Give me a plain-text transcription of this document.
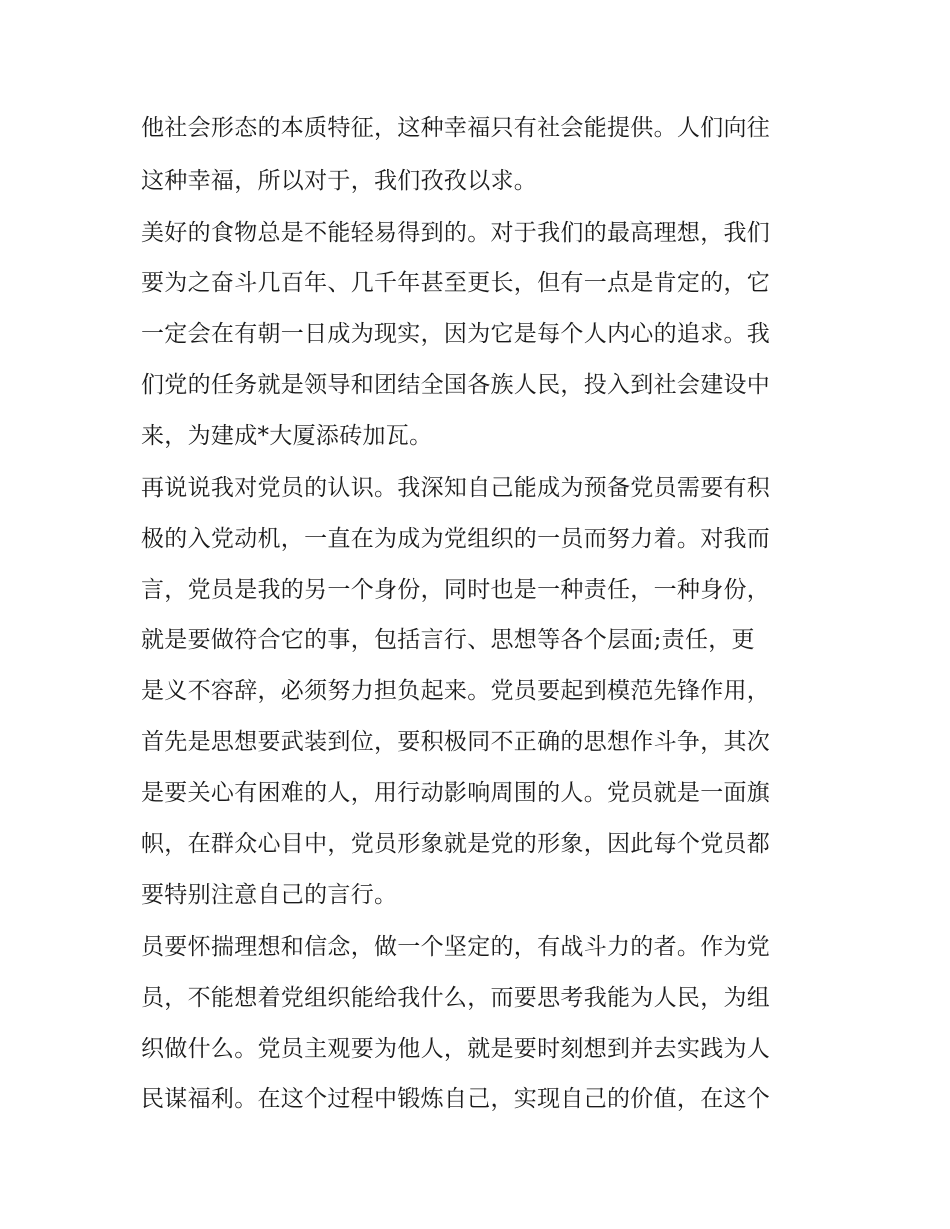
他社会形态的本质特征，这种幸福只有社会能提供。人们向往

这种幸福，所以对于，我们孜孜以求。

美好的食物总是不能轻易得到的。对于我们的最高理想，我们

要为之奋斗几百年、几千年甚至更长，但有一点是肯定的，它

一定会在有朝一日成为现实，因为它是每个人内心的追求。我

们党的任务就是领导和团结全国各族人民，投入到社会建设中

来，为建成*大厦添砖加瓦。

再说说我对党员的认识。我深知自己能成为预备党员需要有积

极的入党动机，一直在为成为党组织的一员而努力着。对我而

言，党员是我的另一个身份，同时也是一种责任，一种身份，

就是要做符合它的事，包括言行、思想等各个层面;责任，更

是义不容辞，必须努力担负起来。党员要起到模范先锋作用，

首先是思想要武装到位，要积极同不正确的思想作斗争，其次

是要关心有困难的人，用行动影响周围的人。党员就是一面旗

帜，在群众心目中，党员形象就是党的形象，因此每个党员都

要特别注意自己的言行。

员要怀揣理想和信念，做一个坚定的，有战斗力的者。作为党

员，不能想着党组织能给我什么，而要思考我能为人民，为组

织做什么。党员主观要为他人，就是要时刻想到并去实践为人

民谋福利。在这个过程中锻炼自己，实现自己的价值，在这个
